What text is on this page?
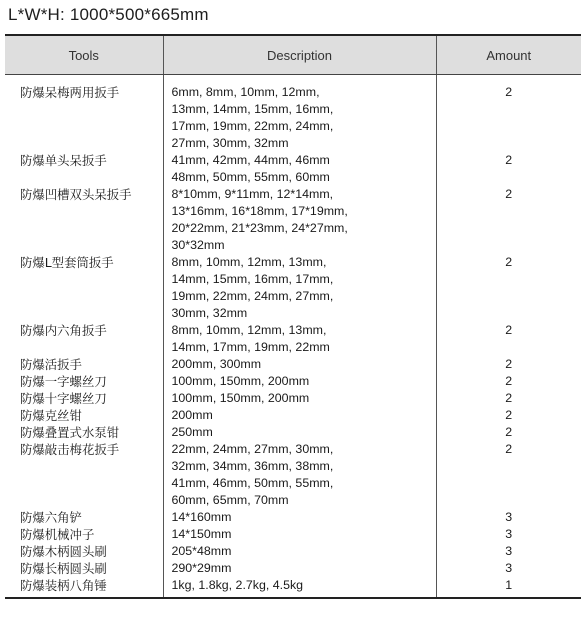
L*W*H: 1000*500*665mm
Tools	Description	Amount
防爆呆梅两用扳手	6mm, 8mm, 10mm, 12mm,
13mm, 14mm, 15mm, 16mm,
17mm, 19mm, 22mm, 24mm,
27mm, 30mm, 32mm	2
防爆单头呆扳手	41mm, 42mm, 44mm, 46mm
48mm, 50mm, 55mm, 60mm	2
防爆凹槽双头呆扳手	8*10mm, 9*11mm, 12*14mm,
13*16mm, 16*18mm, 17*19mm,
20*22mm, 21*23mm, 24*27mm,
30*32mm	2
防爆L型套筒扳手	8mm, 10mm, 12mm, 13mm,
14mm, 15mm, 16mm, 17mm,
19mm, 22mm, 24mm, 27mm,
30mm, 32mm	2
防爆内六角扳手	8mm, 10mm, 12mm, 13mm,
14mm, 17mm, 19mm, 22mm	2
防爆活扳手	200mm, 300mm	2
防爆一字螺丝刀	100mm, 150mm, 200mm	2
防爆十字螺丝刀	100mm, 150mm, 200mm	2
防爆克丝钳	200mm	2
防爆叠置式水泵钳	250mm	2
防爆敲击梅花扳手	22mm, 24mm, 27mm, 30mm,
32mm, 34mm, 36mm, 38mm,
41mm, 46mm, 50mm, 55mm,
60mm, 65mm, 70mm	2
防爆六角铲	14*160mm	3
防爆机械冲子	14*150mm	3
防爆木柄圆头刷	205*48mm	3
防爆长柄圆头刷	290*29mm	3
防爆装柄八角锤	1kg, 1.8kg, 2.7kg, 4.5kg	1
